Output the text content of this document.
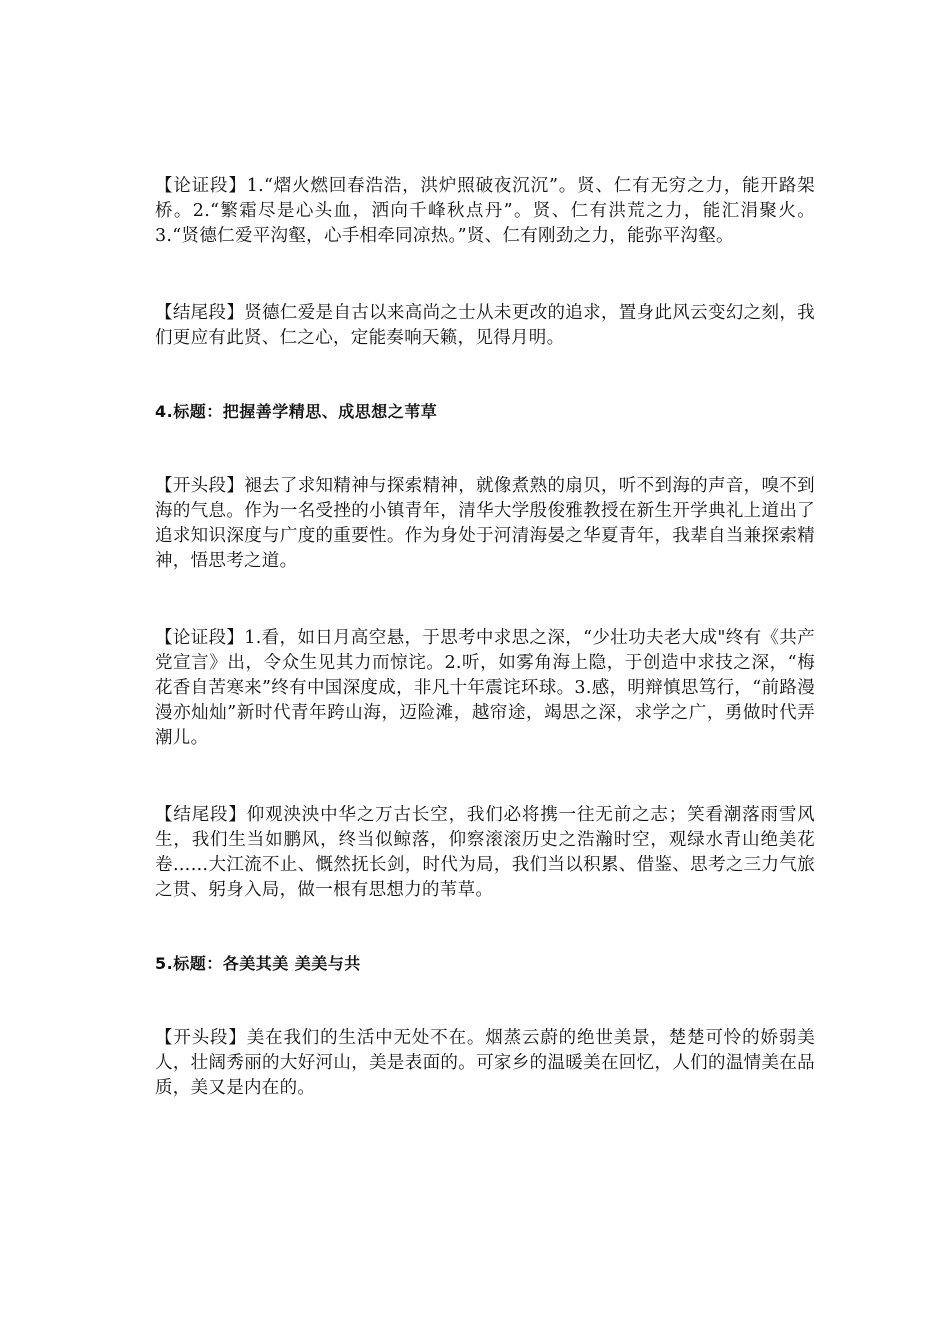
【论证段】1.“熠火燃回春浩浩，洪炉照破夜沉沉”。贤、仁有无穷之力，能开路架桥。2.“繁霜尽是心头血，洒向千峰秋点丹”。贤、仁有洪荒之力，能汇涓聚火。3.“贤德仁爱平沟壑，心手相牵同凉热。”贤、仁有刚劲之力，能弥平沟壑。

【结尾段】贤德仁爱是自古以来高尚之士从未更改的追求，置身此风云变幻之刻，我们更应有此贤、仁之心，定能奏响天籁，见得月明。

4.标题：把握善学精思、成思想之苇草

【开头段】褪去了求知精神与探索精神，就像煮熟的扇贝，听不到海的声音，嗅不到海的气息。作为一名受挫的小镇青年，清华大学殷俊雅教授在新生开学典礼上道出了追求知识深度与广度的重要性。作为身处于河清海晏之华夏青年，我辈自当兼探索精神，悟思考之道。

【论证段】1.看，如日月高空悬，于思考中求思之深，“少壮功夫老大成"终有《共产党宣言》出，令众生见其力而惊诧。2.听，如雾角海上隐，于创造中求技之深，“梅花香自苦寒来”终有中国深度成，非凡十年震诧环球。3.感，明辩慎思笃行，“前路漫漫亦灿灿”新时代青年跨山海，迈险滩，越帘途，竭思之深，求学之广，勇做时代弄潮儿。

【结尾段】仰观泱泱中华之万古长空，我们必将携一往无前之志；笑看潮落雨雪风生，我们生当如鹏风，终当似鲸落，仰察滚滚历史之浩瀚时空，观绿水青山绝美花卷……大江流不止、慨然抚长剑，时代为局，我们当以积累、借鉴、思考之三力气旅之贯、躬身入局，做一根有思想力的苇草。

5.标题：各美其美 美美与共

【开头段】美在我们的生活中无处不在。烟蒸云蔚的绝世美景，楚楚可怜的娇弱美人，壮阔秀丽的大好河山，美是表面的。可家乡的温暖美在回忆，人们的温情美在品质，美又是内在的。
